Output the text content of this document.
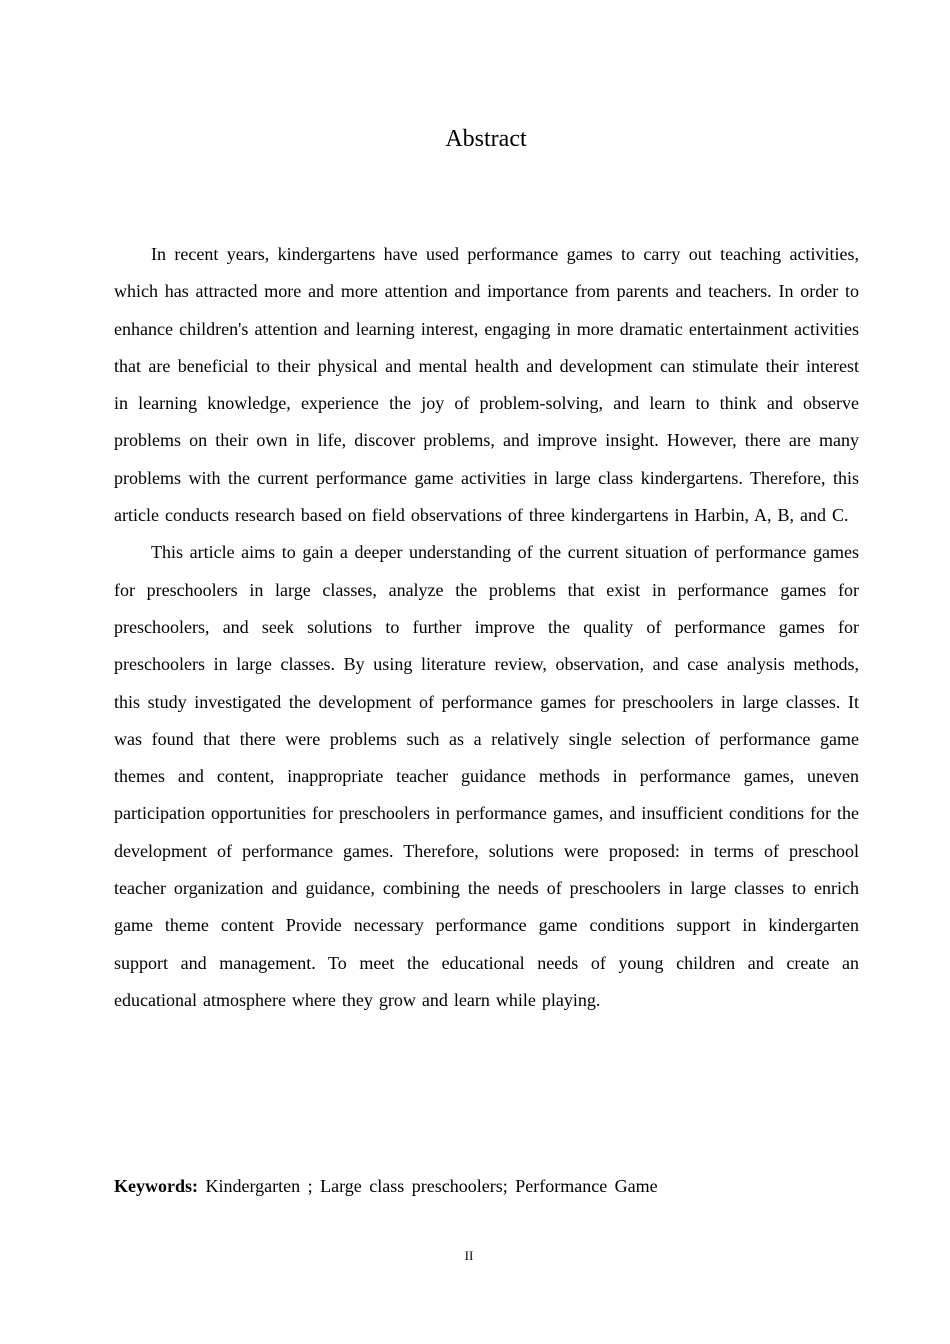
Abstract

In recent years, kindergartens have used performance games to carry out teaching activities, which has attracted more and more attention and importance from parents and teachers. In order to enhance children's attention and learning interest, engaging in more dramatic entertainment activities that are beneficial to their physical and mental health and development can stimulate their interest in learning knowledge, experience the joy of problem-solving, and learn to think and observe problems on their own in life, discover problems, and improve insight. However, there are many problems with the current performance game activities in large class kindergartens. Therefore, this article conducts research based on field observations of three kindergartens in Harbin, A, B, and C.

This article aims to gain a deeper understanding of the current situation of performance games for preschoolers in large classes, analyze the problems that exist in performance games for preschoolers, and seek solutions to further improve the quality of performance games for preschoolers in large classes. By using literature review, observation, and case analysis methods, this study investigated the development of performance games for preschoolers in large classes. It was found that there were problems such as a relatively single selection of performance game themes and content, inappropriate teacher guidance methods in performance games, uneven participation opportunities for preschoolers in performance games, and insufficient conditions for the development of performance games. Therefore, solutions were proposed: in terms of preschool teacher organization and guidance, combining the needs of preschoolers in large classes to enrich game theme content Provide necessary performance game conditions support in kindergarten support and management. To meet the educational needs of young children and create an educational atmosphere where they grow and learn while playing.

Keywords: Kindergarten ; Large class preschoolers; Performance Game
II
